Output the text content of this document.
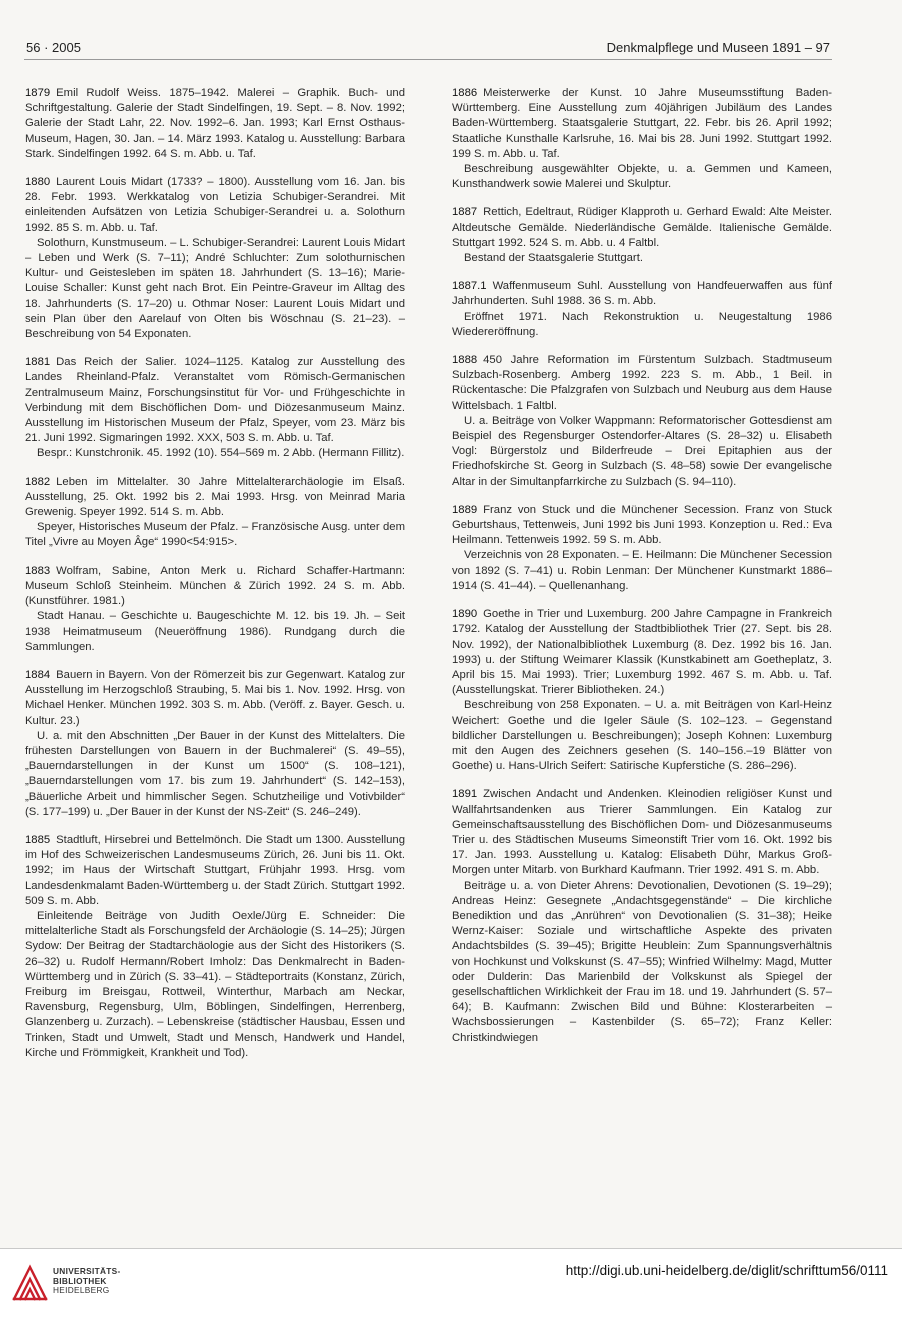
56 · 2005	Denkmalpflege und Museen 1891 – 97

1879 Emil Rudolf Weiss. 1875–1942. Malerei – Graphik. Buch- und Schriftgestaltung. Galerie der Stadt Sindelfingen, 19. Sept. – 8. Nov. 1992; Galerie der Stadt Lahr, 22. Nov. 1992–6. Jan. 1993; Karl Ernst Osthaus-Museum, Hagen, 30. Jan. – 14. März 1993. Katalog u. Ausstellung: Barbara Stark. Sindelfingen 1992. 64 S. m. Abb. u. Taf.

1880 Laurent Louis Midart (1733? – 1800). Ausstellung vom 16. Jan. bis 28. Febr. 1993. Werkkatalog von Letizia Schubiger-Serandrei. Mit einleitenden Aufsätzen von Letizia Schubiger-Serandrei u. a. Solothurn 1992. 85 S. m. Abb. u. Taf.

Solothurn, Kunstmuseum. – L. Schubiger-Serandrei: Laurent Louis Midart – Leben und Werk (S. 7–11); André Schluchter: Zum solothurnischen Kultur- und Geistesleben im späten 18. Jahrhundert (S. 13–16); Marie-Louise Schaller: Kunst geht nach Brot. Ein Peintre-Graveur im Alltag des 18. Jahrhunderts (S. 17–20) u. Othmar Noser: Laurent Louis Midart und sein Plan über den Aarelauf von Olten bis Wöschnau (S. 21–23). – Beschreibung von 54 Exponaten.

1881 Das Reich der Salier. 1024–1125. Katalog zur Ausstellung des Landes Rheinland-Pfalz. Veranstaltet vom Römisch-Germanischen Zentralmuseum Mainz, Forschungsinstitut für Vor- und Frühgeschichte in Verbindung mit dem Bischöflichen Dom- und Diözesanmuseum Mainz. Ausstellung im Historischen Museum der Pfalz, Speyer, vom 23. März bis 21. Juni 1992. Sigmaringen 1992. XXX, 503 S. m. Abb. u. Taf.

Bespr.: Kunstchronik. 45. 1992 (10). 554–569 m. 2 Abb. (Hermann Fillitz).

1882 Leben im Mittelalter. 30 Jahre Mittelalterarchäologie im Elsaß. Ausstellung, 25. Okt. 1992 bis 2. Mai 1993. Hrsg. von Meinrad Maria Grewenig. Speyer 1992. 514 S. m. Abb.

Speyer, Historisches Museum der Pfalz. – Französische Ausg. unter dem Titel „Vivre au Moyen Âge“ 1990<54:915>.

1883 Wolfram, Sabine, Anton Merk u. Richard Schaffer-Hartmann: Museum Schloß Steinheim. München & Zürich 1992. 24 S. m. Abb. (Kunstführer. 1981.)

Stadt Hanau. – Geschichte u. Baugeschichte M. 12. bis 19. Jh. – Seit 1938 Heimatmuseum (Neueröffnung 1986). Rundgang durch die Sammlungen.

1884 Bauern in Bayern. Von der Römerzeit bis zur Gegenwart. Katalog zur Ausstellung im Herzogschloß Straubing, 5. Mai bis 1. Nov. 1992. Hrsg. von Michael Henker. München 1992. 303 S. m. Abb. (Veröff. z. Bayer. Gesch. u. Kultur. 23.)

U. a. mit den Abschnitten „Der Bauer in der Kunst des Mittelalters. Die frühesten Darstellungen von Bauern in der Buchmalerei“ (S. 49–55), „Bauerndarstellungen in der Kunst um 1500“ (S. 108–121), „Bauerndarstellungen vom 17. bis zum 19. Jahrhundert“ (S. 142–153), „Bäuerliche Arbeit und himmlischer Segen. Schutzheilige und Votivbilder“ (S. 177–199) u. „Der Bauer in der Kunst der NS-Zeit“ (S. 246–249).

1885 Stadtluft, Hirsebrei und Bettelmönch. Die Stadt um 1300. Ausstellung im Hof des Schweizerischen Landesmuseums Zürich, 26. Juni bis 11. Okt. 1992; im Haus der Wirtschaft Stuttgart, Frühjahr 1993. Hrsg. vom Landesdenkmalamt Baden-Württemberg u. der Stadt Zürich. Stuttgart 1992. 509 S. m. Abb.

Einleitende Beiträge von Judith Oexle/Jürg E. Schneider: Die mittelalterliche Stadt als Forschungsfeld der Archäologie (S. 14–25); Jürgen Sydow: Der Beitrag der Stadtarchäologie aus der Sicht des Historikers (S. 26–32) u. Rudolf Hermann/Robert Imholz: Das Denkmalrecht in Baden-Württemberg und in Zürich (S. 33–41). – Städteportraits (Konstanz, Zürich, Freiburg im Breisgau, Rottweil, Winterthur, Marbach am Neckar, Ravensburg, Regensburg, Ulm, Böblingen, Sindelfingen, Herrenberg, Glanzenberg u. Zurzach). – Lebenskreise (städtischer Hausbau, Essen und Trinken, Stadt und Umwelt, Stadt und Mensch, Handwerk und Handel, Kirche und Frömmigkeit, Krankheit und Tod).

1886 Meisterwerke der Kunst. 10 Jahre Museumsstiftung Baden-Württemberg. Eine Ausstellung zum 40jährigen Jubiläum des Landes Baden-Württemberg. Staatsgalerie Stuttgart, 22. Febr. bis 26. April 1992; Staatliche Kunsthalle Karlsruhe, 16. Mai bis 28. Juni 1992. Stuttgart 1992. 199 S. m. Abb. u. Taf.

Beschreibung ausgewählter Objekte, u. a. Gemmen und Kameen, Kunsthandwerk sowie Malerei und Skulptur.

1887 Rettich, Edeltraut, Rüdiger Klapproth u. Gerhard Ewald: Alte Meister. Altdeutsche Gemälde. Niederländische Gemälde. Italienische Gemälde. Stuttgart 1992. 524 S. m. Abb. u. 4 Faltbl.

Bestand der Staatsgalerie Stuttgart.

1887.1 Waffenmuseum Suhl. Ausstellung von Handfeuerwaffen aus fünf Jahrhunderten. Suhl 1988. 36 S. m. Abb.

Eröffnet 1971. Nach Rekonstruktion u. Neugestaltung 1986 Wiedereröffnung.

1888 450 Jahre Reformation im Fürstentum Sulzbach. Stadtmuseum Sulzbach-Rosenberg. Amberg 1992. 223 S. m. Abb., 1 Beil. in Rückentasche: Die Pfalzgrafen von Sulzbach und Neuburg aus dem Hause Wittelsbach. 1 Faltbl.

U. a. Beiträge von Volker Wappmann: Reformatorischer Gottesdienst am Beispiel des Regensburger Ostendorfer-Altares (S. 28–32) u. Elisabeth Vogl: Bürgerstolz und Bilderfreude – Drei Epitaphien aus der Friedhofskirche St. Georg in Sulzbach (S. 48–58) sowie Der evangelische Altar in der Simultanpfarrkirche zu Sulzbach (S. 94–110).

1889 Franz von Stuck und die Münchener Secession. Franz von Stuck Geburtshaus, Tettenweis, Juni 1992 bis Juni 1993. Konzeption u. Red.: Eva Heilmann. Tettenweis 1992. 59 S. m. Abb.

Verzeichnis von 28 Exponaten. – E. Heilmann: Die Münchener Secession von 1892 (S. 7–41) u. Robin Lenman: Der Münchener Kunstmarkt 1886–1914 (S. 41–44). – Quellenanhang.

1890 Goethe in Trier und Luxemburg. 200 Jahre Campagne in Frankreich 1792. Katalog der Ausstellung der Stadtbibliothek Trier (27. Sept. bis 28. Nov. 1992), der Nationalbibliothek Luxemburg (8. Dez. 1992 bis 16. Jan. 1993) u. der Stiftung Weimarer Klassik (Kunstkabinett am Goetheplatz, 3. April bis 15. Mai 1993). Trier; Luxemburg 1992. 467 S. m. Abb. u. Taf. (Ausstellungskat. Trierer Bibliotheken. 24.)

Beschreibung von 258 Exponaten. – U. a. mit Beiträgen von Karl-Heinz Weichert: Goethe und die Igeler Säule (S. 102–123. – Gegenstand bildlicher Darstellungen u. Beschreibungen); Joseph Kohnen: Luxemburg mit den Augen des Zeichners gesehen (S. 140–156.–19 Blätter von Goethe) u. Hans-Ulrich Seifert: Satirische Kupferstiche (S. 286–296).

1891 Zwischen Andacht und Andenken. Kleinodien religiöser Kunst und Wallfahrtsandenken aus Trierer Sammlungen. Ein Katalog zur Gemeinschaftsausstellung des Bischöflichen Dom- und Diözesanmuseums Trier u. des Städtischen Museums Simeonstift Trier vom 16. Okt. 1992 bis 17. Jan. 1993. Ausstellung u. Katalog: Elisabeth Dühr, Markus Groß-Morgen unter Mitarb. von Burkhard Kaufmann. Trier 1992. 491 S. m. Abb.

Beiträge u. a. von Dieter Ahrens: Devotionalien, Devotionen (S. 19–29); Andreas Heinz: Gesegnete „Andachtsgegenstände“ – Die kirchliche Benediktion und das „Anrühren“ von Devotionalien (S. 31–38); Heike Wernz-Kaiser: Soziale und wirtschaftliche Aspekte des privaten Andachtsbildes (S. 39–45); Brigitte Heublein: Zum Spannungsverhältnis von Hochkunst und Volkskunst (S. 47–55); Winfried Wilhelmy: Magd, Mutter oder Dulderin: Das Marienbild der Volkskunst als Spiegel der gesellschaftlichen Wirklichkeit der Frau im 18. und 19. Jahrhundert (S. 57–64); B. Kaufmann: Zwischen Bild und Bühne: Klosterarbeiten – Wachsbossierungen – Kastenbilder (S. 65–72); Franz Keller: Christkindwiegen

UNIVERSITÄTS-
BIBLIOTHEK
HEIDELBERG
http://digi.ub.uni-heidelberg.de/diglit/schrifttum56/0111
